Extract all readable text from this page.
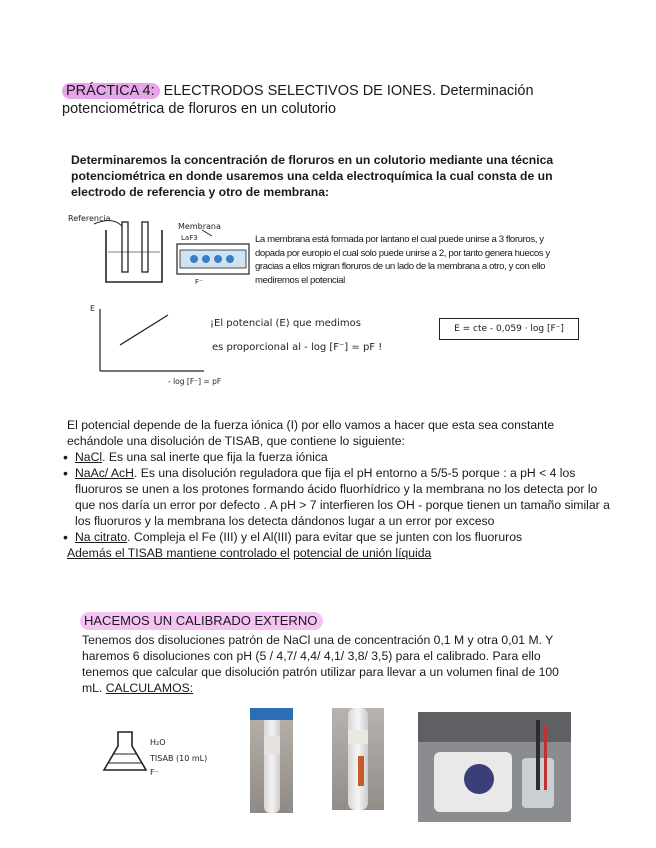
PRÁCTICA 4: ELECTRODOS SELECTIVOS DE IONES. Determinación potenciométrica de floruros en un colutorio
Determinaremos la concentración de floruros en un colutorio mediante una técnica potenciométrica en donde usaremos una celda electroquímica la cual consta de un electrodo de referencia y otro de membrana:
Referencia
Membrana
LaF3
F⁻
La membrana está formada por lantano el cual puede unirse a 3 floruros, y dopada por europio el cual solo puede unirse a 2, por tanto genera huecos y gracias a ellos migran floruros de un lado de la membrana a otro, y con ello mediremos el potencial
E
- log [F⁻] = pF
¡El potencial (E) que medimos
es proporcional al - log [F⁻] = pF !
E = cte - 0,059 · log [F⁻]
El potencial depende de la fuerza iónica (I) por ello vamos a hacer que esta sea constante echándole una disolución de TISAB, que contiene lo siguiente:
• NaCl. Es una sal inerte que fija la fuerza iónica
• NaAc/ AcH. Es una disolución reguladora que fija el pH entorno a 5/5-5 porque : a pH < 4 los fluoruros se unen a los protones formando ácido fluorhídrico y la membrana no los detecta por lo que nos daría un error por defecto . A pH > 7 interfieren los OH - porque tienen un tamaño similar a los fluoruros y la membrana los detecta dándonos lugar a un error por exceso
• Na citrato. Compleja el Fe (III) y el Al(III) para evitar que se junten con los fluoruros
Además el TISAB mantiene controlado el potencial de unión líquida
HACEMOS UN CALIBRADO EXTERNO
Tenemos dos disoluciones patrón de NaCl una de concentración 0,1 M y otra 0,01 M. Y haremos 6 disoluciones con pH (5 / 4,7/ 4,4/ 4,1/ 3,8/ 3,5) para el calibrado. Para ello tenemos que calcular que disolución patrón utilizar para llevar a un volumen final de 100 mL. CALCULAMOS:
H₂O
TISAB (10 mL)
F⁻
